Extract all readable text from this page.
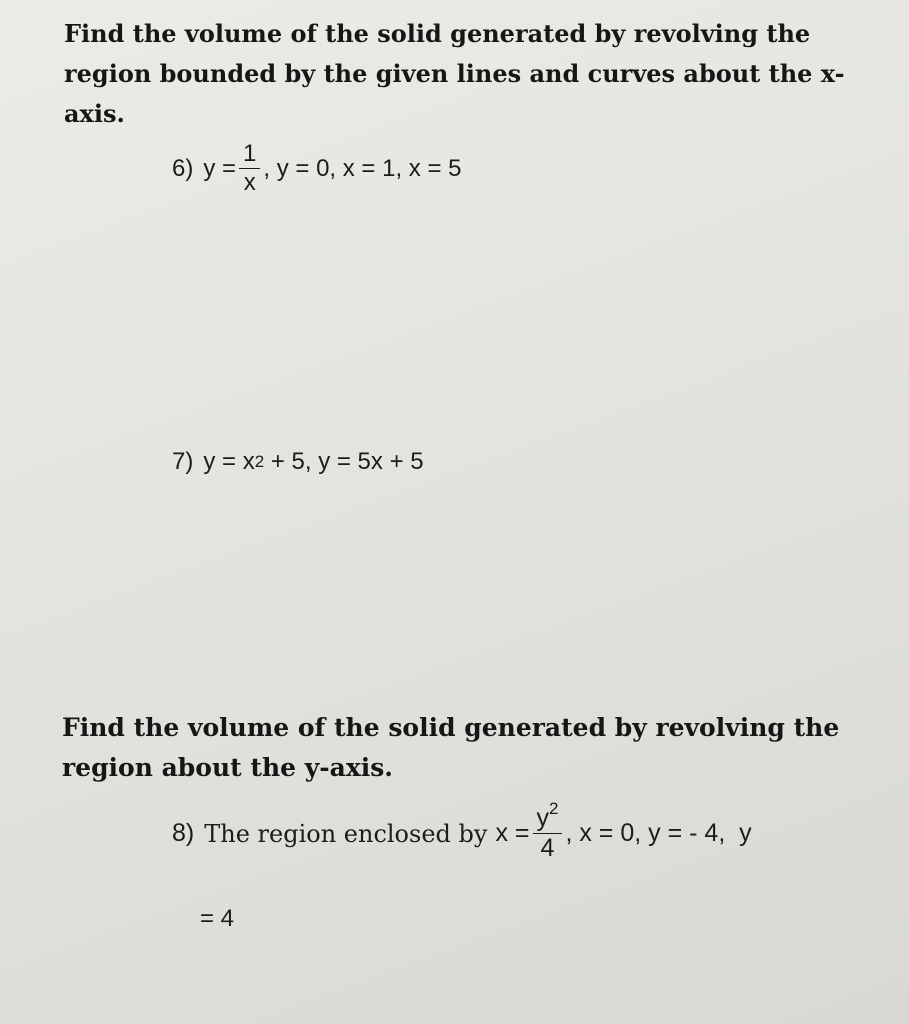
Find the volume of the solid generated by revolving the region bounded by the given lines and curves about the x-axis.

6) $y = \frac{1}{x}$ , y = 0, x = 1, x = 5
7) y = x 2 + 5, y = 5x + 5

Find the volume of the solid generated by revolving the region about the y-axis.

8) The region enclosed by $x = \frac{y^2}{4}$ , x = 0, y = - 4,  y
= 4
